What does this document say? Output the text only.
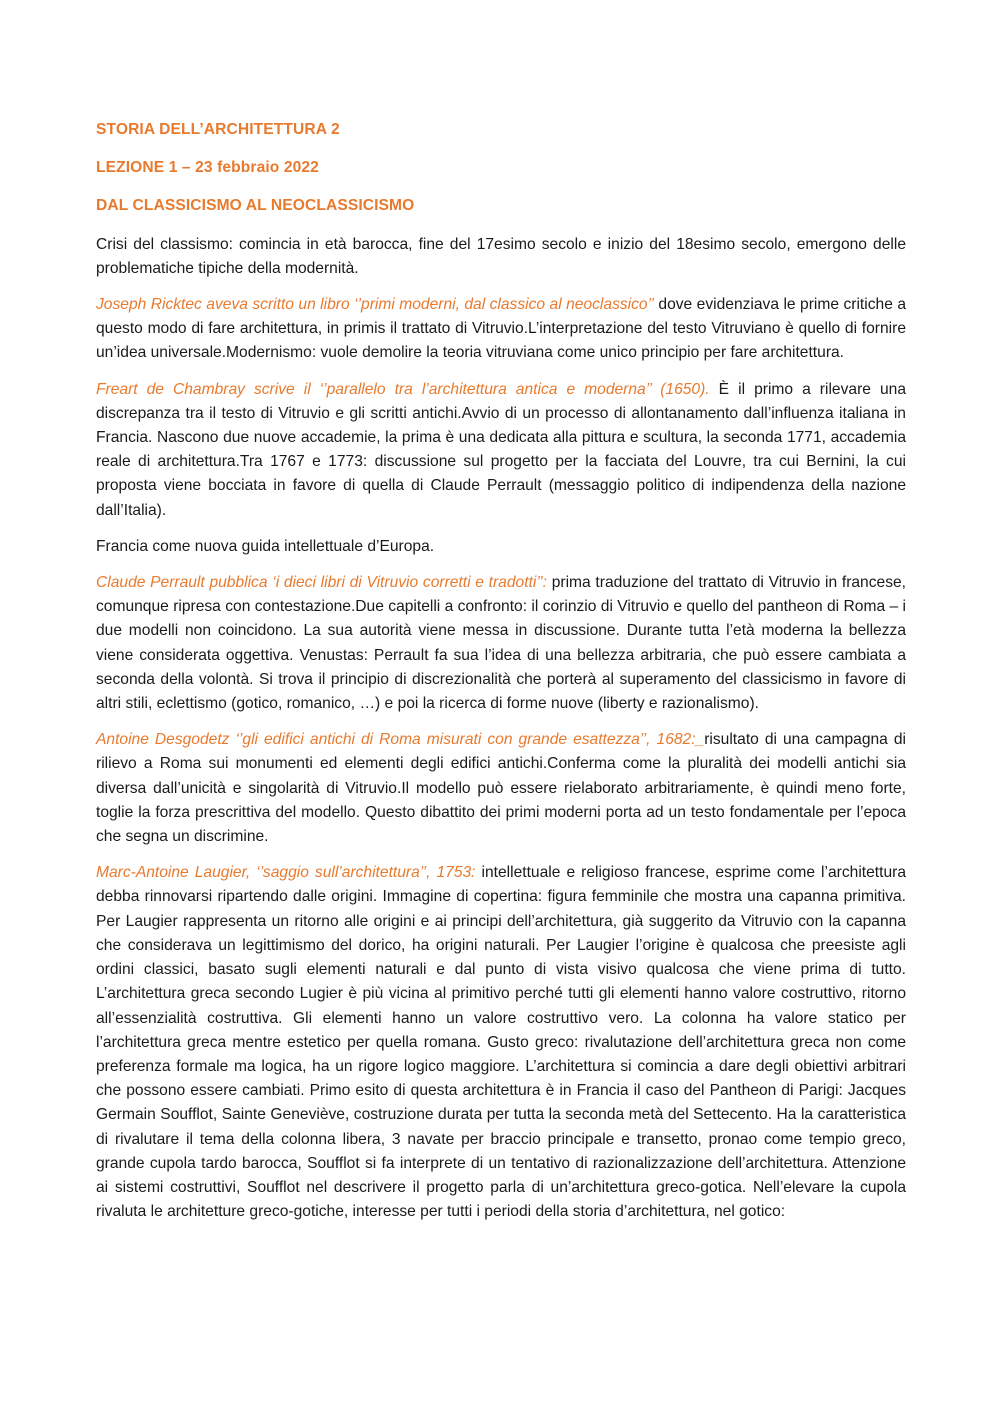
STORIA DELL’ARCHITETTURA 2
LEZIONE 1 – 23 febbraio 2022
DAL CLASSICISMO AL NEOCLASSICISMO

Crisi del classismo: comincia in età barocca, fine del 17esimo secolo e inizio del 18esimo secolo, emergono delle problematiche tipiche della modernità.

Joseph Ricktec aveva scritto un libro ‘’primi moderni, dal classico al neoclassico’’ dove evidenziava le prime critiche a questo modo di fare architettura, in primis il trattato di Vitruvio.L’interpretazione del testo Vitruviano è quello di fornire un’idea universale.Modernismo: vuole demolire la teoria vitruviana come unico principio per fare architettura.

Freart de Chambray scrive il ‘’parallelo tra l’architettura antica e moderna’’ (1650). È il primo a rilevare una discrepanza tra il testo di Vitruvio e gli scritti antichi.Avvio di un processo di allontanamento dall’influenza italiana in Francia. Nascono due nuove accademie, la prima è una dedicata alla pittura e scultura, la seconda 1771, accademia reale di architettura.Tra 1767 e 1773: discussione sul progetto per la facciata del Louvre, tra cui Bernini, la cui proposta viene bocciata in favore di quella di Claude Perrault (messaggio politico di indipendenza della nazione dall’Italia).

Francia come nuova guida intellettuale d’Europa.

Claude Perrault pubblica ‘i dieci libri di Vitruvio corretti e tradotti’’: prima traduzione del trattato di Vitruvio in francese, comunque ripresa con contestazione.Due capitelli a confronto: il corinzio di Vitruvio e quello del pantheon di Roma – i due modelli non coincidono. La sua autorità viene messa in discussione. Durante tutta l’età moderna la bellezza viene considerata oggettiva. Venustas: Perrault fa sua l’idea di una bellezza arbitraria, che può essere cambiata a seconda della volontà. Si trova il principio di discrezionalità che porterà al superamento del classicismo in favore di altri stili, eclettismo (gotico, romanico, …) e poi la ricerca di forme nuove (liberty e razionalismo).

Antoine Desgodetz ‘’gli edifici antichi di Roma misurati con grande esattezza’’, 1682:_risultato di una campagna di rilievo a Roma sui monumenti ed elementi degli edifici antichi.Conferma come la pluralità dei modelli antichi sia diversa dall’unicità e singolarità di Vitruvio.Il modello può essere rielaborato arbitrariamente, è quindi meno forte, toglie la forza prescrittiva del modello. Questo dibattito dei primi moderni porta ad un testo fondamentale per l’epoca che segna un discrimine.

Marc-Antoine Laugier, ‘’saggio sull’architettura’’, 1753: intellettuale e religioso francese, esprime come l’architettura debba rinnovarsi ripartendo dalle origini. Immagine di copertina: figura femminile che mostra una capanna primitiva. Per Laugier rappresenta un ritorno alle origini e ai principi dell’architettura, già suggerito da Vitruvio con la capanna che considerava un legittimismo del dorico, ha origini naturali. Per Laugier l’origine è qualcosa che preesiste agli ordini classici, basato sugli elementi naturali e dal punto di vista visivo qualcosa che viene prima di tutto. L’architettura greca secondo Lugier è più vicina al primitivo perché tutti gli elementi hanno valore costruttivo, ritorno all’essenzialità costruttiva. Gli elementi hanno un valore costruttivo vero. La colonna ha valore statico per l’architettura greca mentre estetico per quella romana. Gusto greco: rivalutazione dell’architettura greca non come preferenza formale ma logica, ha un rigore logico maggiore. L’architettura si comincia a dare degli obiettivi arbitrari che possono essere cambiati. Primo esito di questa architettura è in Francia il caso del Pantheon di Parigi: Jacques Germain Soufflot, Sainte Geneviève, costruzione durata per tutta la seconda metà del Settecento. Ha la caratteristica di rivalutare il tema della colonna libera, 3 navate per braccio principale e transetto, pronao come tempio greco, grande cupola tardo barocca, Soufflot si fa interprete di un tentativo di razionalizzazione dell’architettura. Attenzione ai sistemi costruttivi, Soufflot nel descrivere il progetto parla di un’architettura greco-gotica. Nell’elevare la cupola rivaluta le architetture greco-gotiche, interesse per tutti i periodi della storia d’architettura, nel gotico:
